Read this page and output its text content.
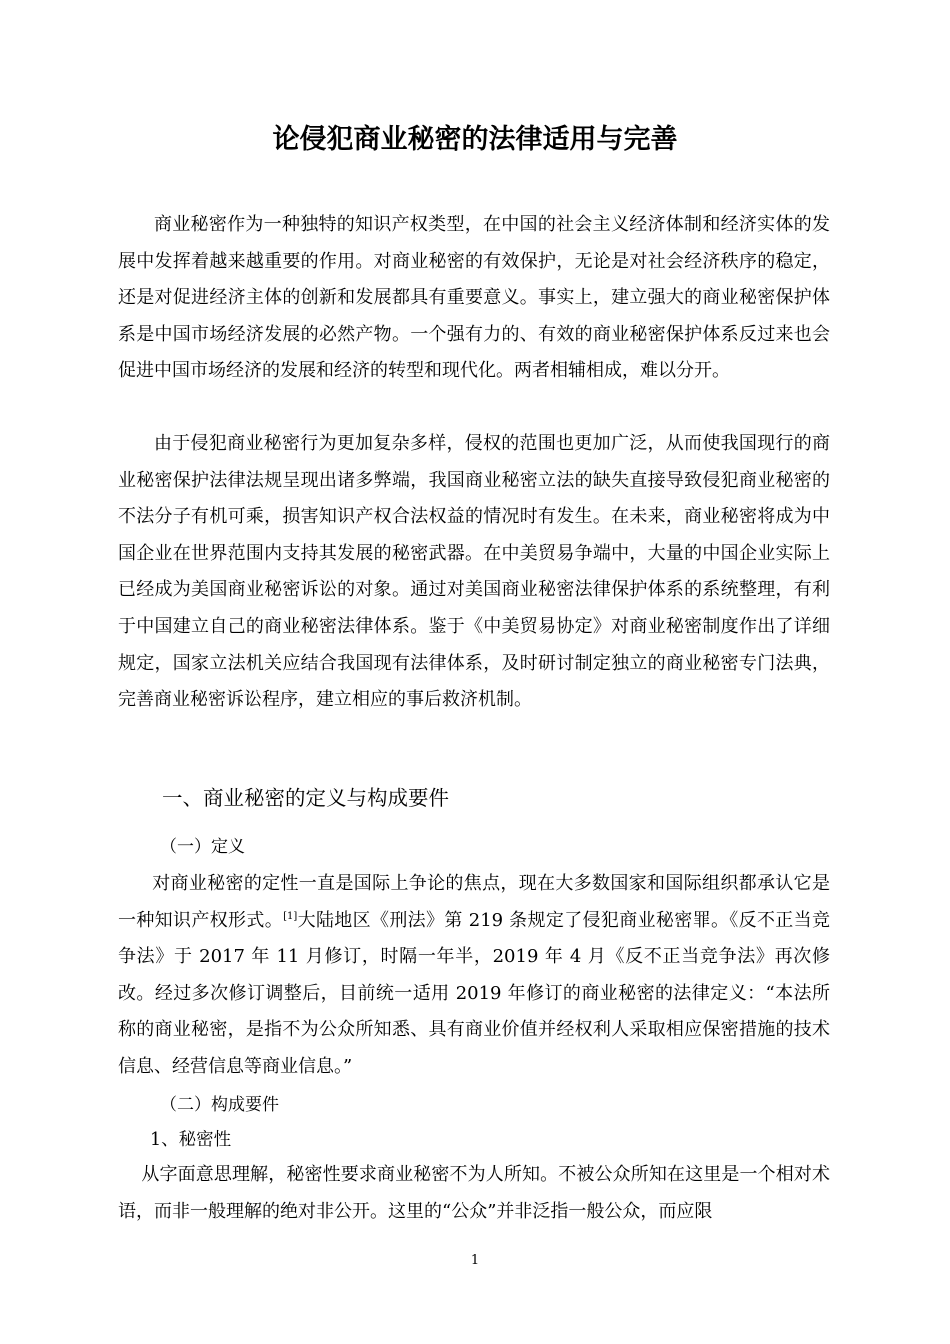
论侵犯商业秘密的法律适用与完善

商业秘密作为一种独特的知识产权类型，在中国的社会主义经济体制和经济实体的发展中发挥着越来越重要的作用。对商业秘密的有效保护，无论是对社会经济秩序的稳定，还是对促进经济主体的创新和发展都具有重要意义。事实上，建立强大的商业秘密保护体系是中国市场经济发展的必然产物。一个强有力的、有效的商业秘密保护体系反过来也会促进中国市场经济的发展和经济的转型和现代化。两者相辅相成，难以分开。

由于侵犯商业秘密行为更加复杂多样，侵权的范围也更加广泛，从而使我国现行的商业秘密保护法律法规呈现出诸多弊端，我国商业秘密立法的缺失直接导致侵犯商业秘密的不法分子有机可乘，损害知识产权合法权益的情况时有发生。在未来，商业秘密将成为中国企业在世界范围内支持其发展的秘密武器。在中美贸易争端中，大量的中国企业实际上已经成为美国商业秘密诉讼的对象。通过对美国商业秘密法律保护体系的系统整理，有利于中国建立自己的商业秘密法律体系。鉴于《中美贸易协定》对商业秘密制度作出了详细规定，国家立法机关应结合我国现有法律体系，及时研讨制定独立的商业秘密专门法典，完善商业秘密诉讼程序，建立相应的事后救济机制。

一、商业秘密的定义与构成要件
（一）定义

对商业秘密的定性一直是国际上争论的焦点，现在大多数国家和国际组织都承认它是一种知识产权形式。[1]大陆地区《刑法》第 219 条规定了侵犯商业秘密罪。《反不正当竞争法》于 2017 年 11 月修订，时隔一年半，2019 年 4 月《反不正当竞争法》再次修改。经过多次修订调整后，目前统一适用 2019 年修订的商业秘密的法律定义：“本法所称的商业秘密，是指不为公众所知悉、具有商业价值并经权利人采取相应保密措施的技术信息、经营信息等商业信息。”

（二）构成要件
1、秘密性

从字面意思理解，秘密性要求商业秘密不为人所知。不被公众所知在这里是一个相对术语，而非一般理解的绝对非公开。这里的“公众”并非泛指一般公众，而应限

1
